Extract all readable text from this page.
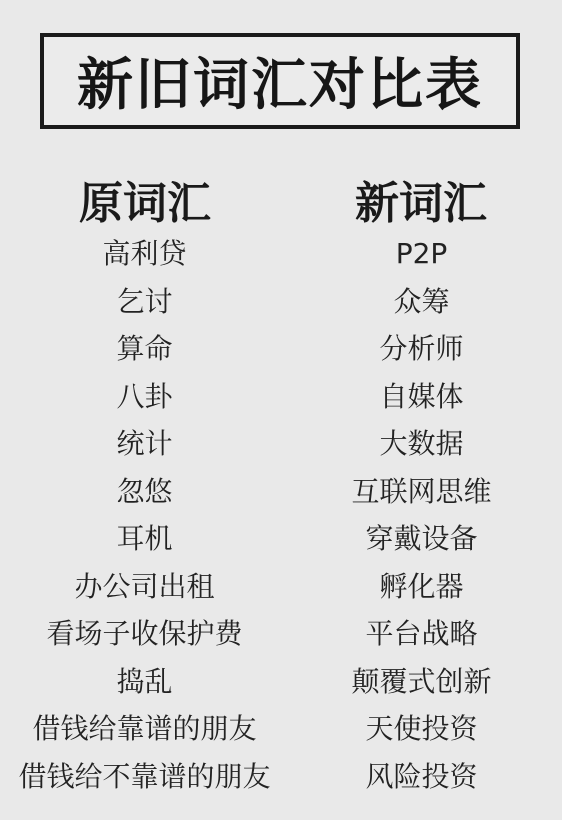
新旧词汇对比表
原词汇	新词汇
高利贷
乞讨
算命
八卦
统计
忽悠
耳机
办公司出租
看场子收保护费
捣乱
借钱给靠谱的朋友
借钱给不靠谱的朋友
P2P
众筹
分析师
自媒体
大数据
互联网思维
穿戴设备
孵化器
平台战略
颠覆式创新
天使投资
风险投资
